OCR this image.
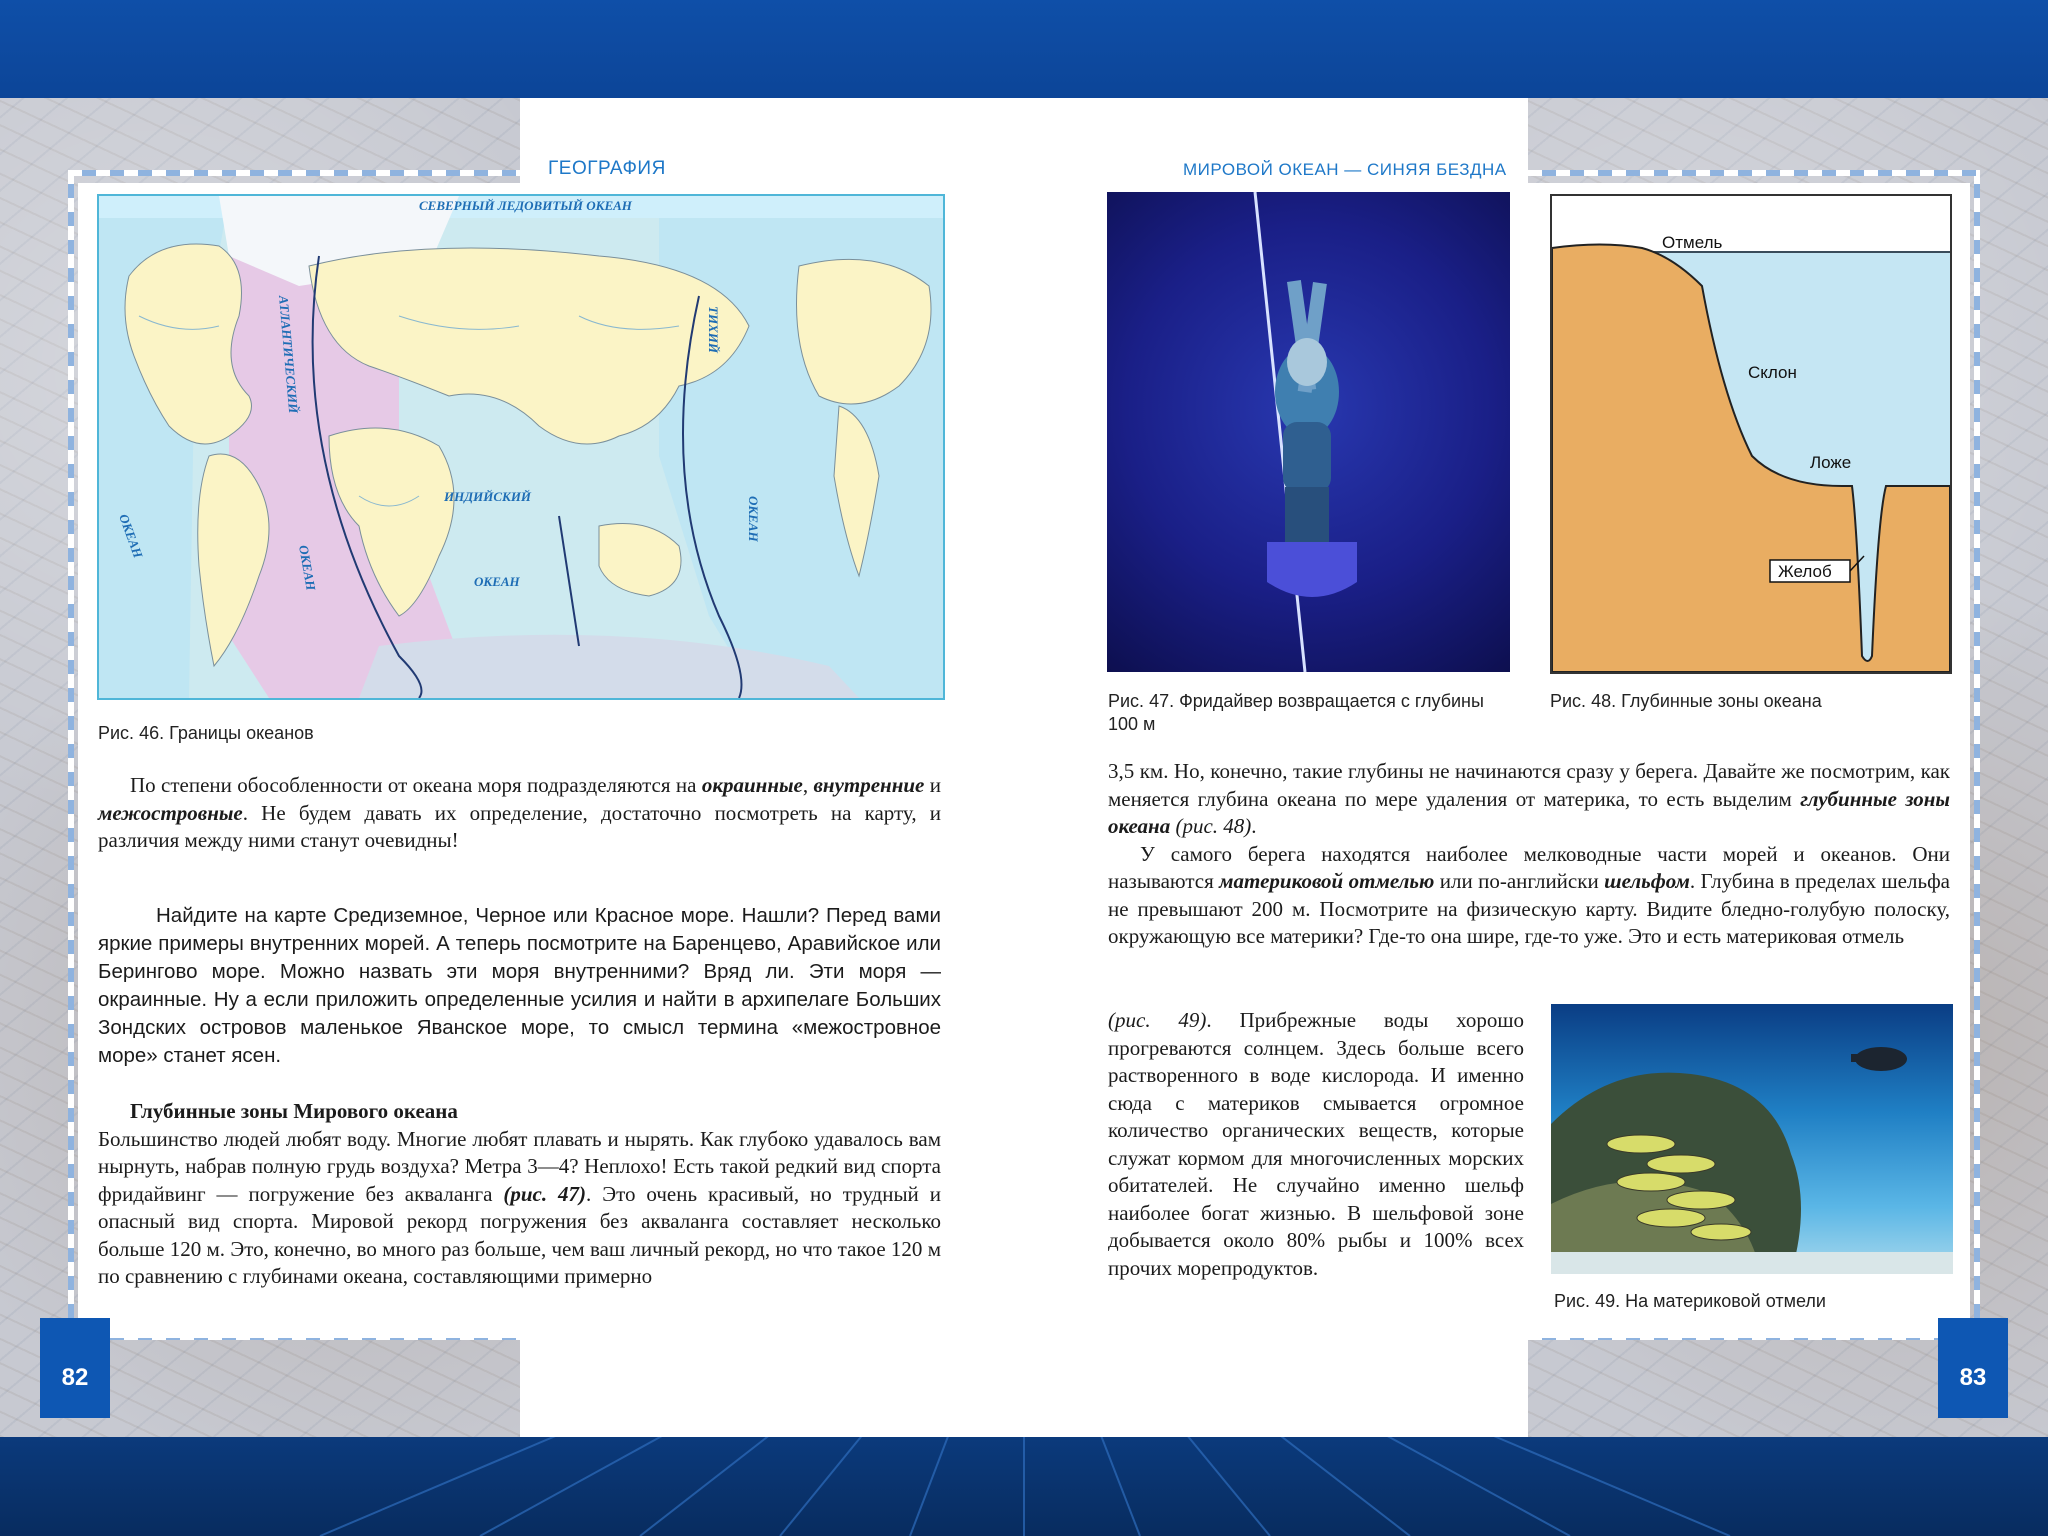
ГЕОГРАФИЯ	МИРОВОЙ ОКЕАН — СИНЯЯ БЕЗДНА
82	83
СЕВЕРНЫЙ ЛЕДОВИТЫЙ ОКЕАН
АТЛАНТИЧЕСКИЙ
ОКЕАН
ИНДИЙСКИЙ
ОКЕАН
ТИХИЙ
ОКЕАН
ОКЕАН
Рис. 46. Границы океанов

По степени обособленности от океана моря подразделяются на окраинные, внутренние и межостровные. Не будем давать их определение, достаточно посмотреть на карту, и различия между ними станут очевидны!

Найдите на карте Средиземное, Черное или Красное море. Нашли? Перед вами яркие примеры внутренних морей. А теперь посмотрите на Баренцево, Аравийское или Берингово море. Можно назвать эти моря внутренними? Вряд ли. Эти моря — окраинные. Ну а если приложить определенные усилия и найти в архипелаге Больших Зондских островов маленькое Яванское море, то смысл термина «межостровное море» станет ясен.

Глубинные зоны Мирового океана

Большинство людей любят воду. Многие любят плавать и нырять. Как глубоко удавалось вам нырнуть, набрав полную грудь воздуха? Метра 3—4? Неплохо! Есть такой редкий вид спорта фридайвинг — погружение без акваланга (рис. 47). Это очень красивый, но трудный и опасный вид спорта. Мировой рекорд погружения без акваланга составляет несколько больше 120 м. Это, конечно, во много раз больше, чем ваш личный рекорд, но что такое 120 м по сравнению с глубинами океана, составляющими примерно

Отмель
Склон
Ложе
Желоб
Рис. 47. Фридайвер возвращается с глубины 100 м
Рис. 48. Глубинные зоны океана

3,5 км. Но, конечно, такие глубины не начинаются сразу у берега. Давайте же посмотрим, как меняется глубина океана по мере удаления от материка, то есть выделим глубинные зоны океана (рис. 48).

У самого берега находятся наиболее мелководные части морей и океанов. Они называются материковой отмелью или по-английски шельфом. Глубина в пределах шельфа не превышают 200 м. Посмотрите на физическую карту. Видите бледно-голубую полоску, окружающую все материки? Где-то она шире, где-то уже. Это и есть материковая отмель

(рис. 49). Прибрежные воды хорошо прогреваются солнцем. Здесь больше всего растворенного в воде кислорода. И именно сюда с материков смывается огромное количество органических веществ, которые служат кормом для многочисленных морских обитателей. Не случайно именно шельф наиболее богат жизнью. В шельфовой зоне добывается около 80% рыбы и 100% всех прочих морепродуктов.

Рис. 49. На материковой отмели
